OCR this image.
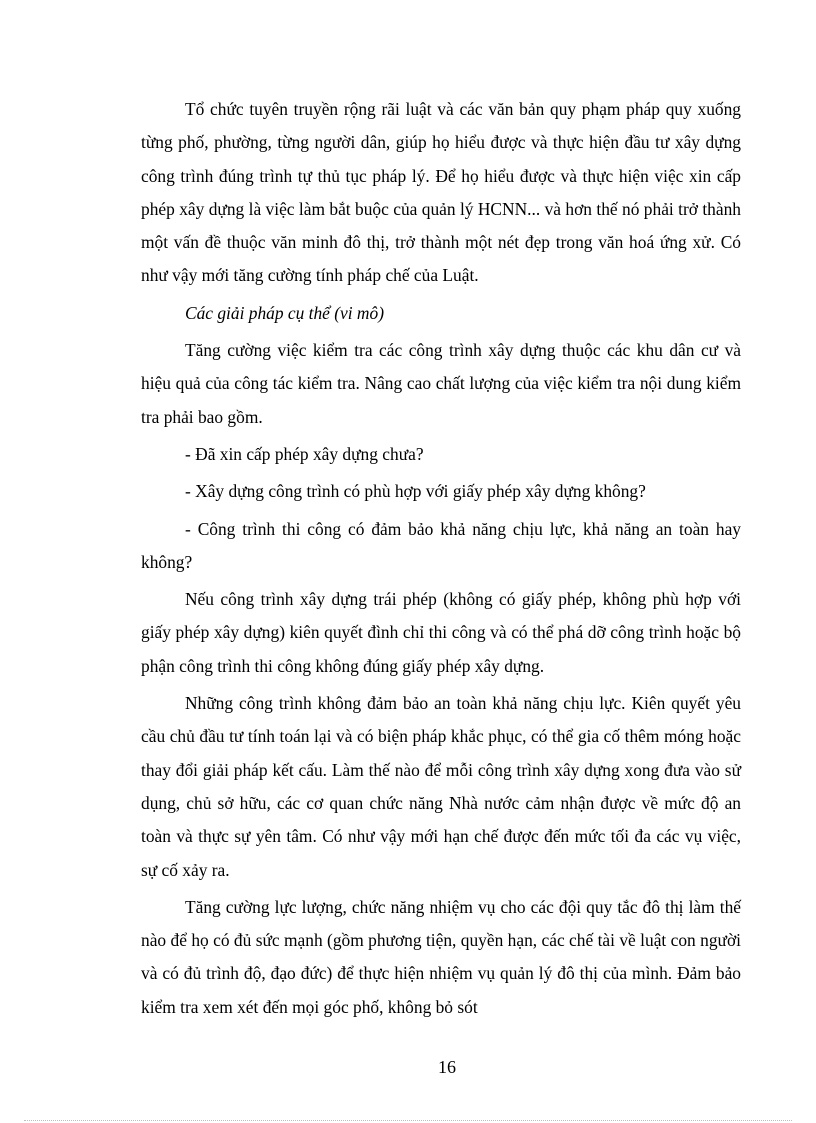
Tổ chức tuyên truyền rộng rãi luật và các văn bản quy phạm pháp quy xuống từng phố, phường, từng người dân, giúp họ hiểu được và thực hiện đầu tư xây dựng công trình đúng trình tự thủ tục pháp lý. Để họ hiểu được và thực hiện việc xin cấp phép xây dựng là việc làm bắt buộc của quản lý HCNN... và hơn thế nó phải trở thành một vấn đề thuộc văn minh đô thị, trở thành một nét đẹp trong văn hoá ứng xử. Có như vậy mới tăng cường tính pháp chế của Luật.

Các giải pháp cụ thể (vi mô)

Tăng cường việc kiểm tra các công trình xây dựng thuộc các khu dân cư và hiệu quả của công tác kiểm tra. Nâng cao chất lượng của việc kiểm tra nội dung kiểm tra phải bao gồm.

- Đã xin cấp phép xây dựng chưa?

- Xây dựng công trình có phù hợp với giấy phép xây dựng không?

- Công trình thi công có đảm bảo khả năng chịu lực, khả năng an toàn hay không?

Nếu công trình xây dựng trái phép (không có giấy phép, không phù hợp với giấy phép xây dựng) kiên quyết đình chỉ thi công và có thể phá dỡ công trình hoặc bộ phận công trình thi công không đúng giấy phép xây dựng.

Những công trình không đảm bảo an toàn khả năng chịu lực. Kiên quyết yêu cầu chủ đầu tư tính toán lại và có biện pháp khắc phục, có thể gia cố thêm móng hoặc thay đổi giải pháp kết cấu. Làm thế nào để mỗi công trình xây dựng xong đưa vào sử dụng, chủ sở hữu, các cơ quan chức năng Nhà nước cảm nhận được về mức độ an toàn và thực sự yên tâm. Có như vậy mới hạn chế được đến mức tối đa các vụ việc, sự cố xảy ra.

Tăng cường lực lượng, chức năng nhiệm vụ cho các đội quy tắc đô thị làm thế nào để họ có đủ sức mạnh (gồm phương tiện, quyền hạn, các chế tài về luật con người và có đủ trình độ, đạo đức) để thực hiện nhiệm vụ quản lý đô thị của mình. Đảm bảo kiểm tra xem xét đến mọi góc phố, không bỏ sót

16
